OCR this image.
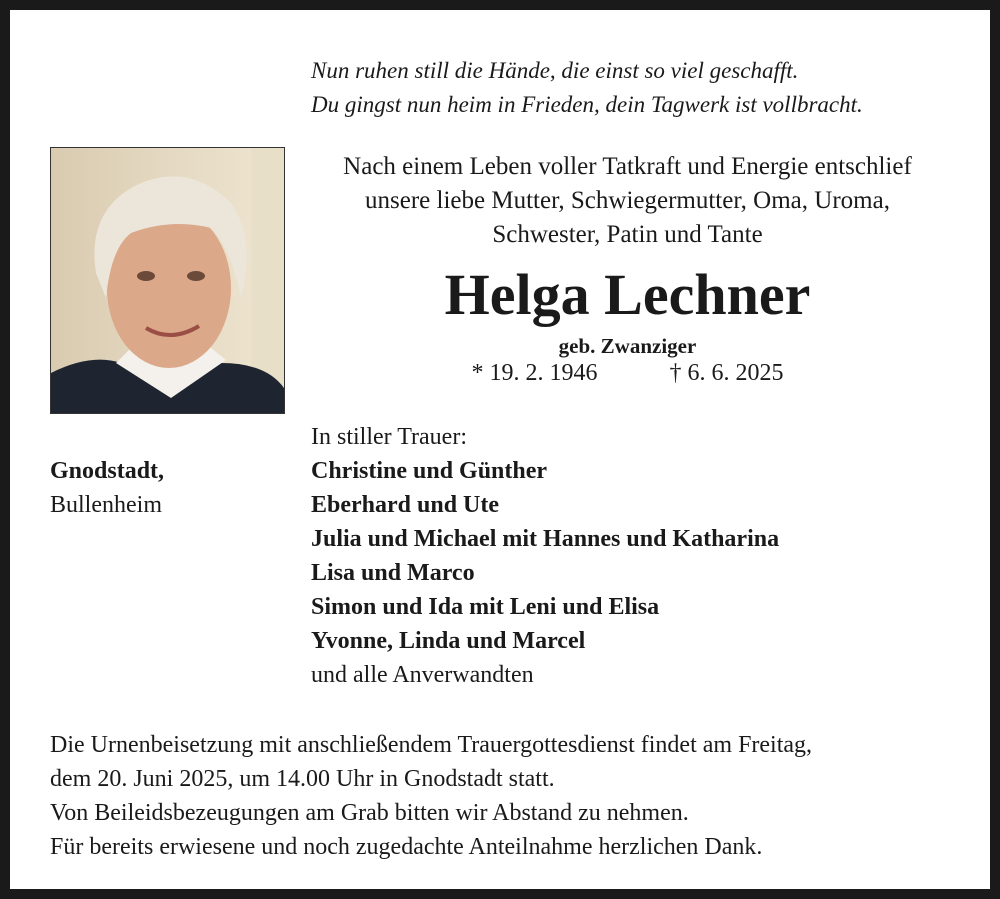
Nun ruhen still die Hände, die einst so viel geschafft.
Du gingst nun heim in Frieden, dein Tagwerk ist vollbracht.
Nach einem Leben voller Tatkraft und Energie entschlief
unsere liebe Mutter, Schwiegermutter, Oma, Uroma,
Schwester, Patin und Tante
Helga Lechner
geb. Zwanziger
* 19. 2. 1946	† 6. 6. 2025
Gnodstadt,
Bullenheim
In stiller Trauer:
Christine und Günther
Eberhard und Ute
Julia und Michael mit Hannes und Katharina
Lisa und Marco
Simon und Ida mit Leni und Elisa
Yvonne, Linda und Marcel
und alle Anverwandten
Die Urnenbeisetzung mit anschließendem Trauergottesdienst findet am Freitag,
dem 20. Juni 2025, um 14.00 Uhr in Gnodstadt statt.
Von Beileidsbezeugungen am Grab bitten wir Abstand zu nehmen.
Für bereits erwiesene und noch zugedachte Anteilnahme herzlichen Dank.
